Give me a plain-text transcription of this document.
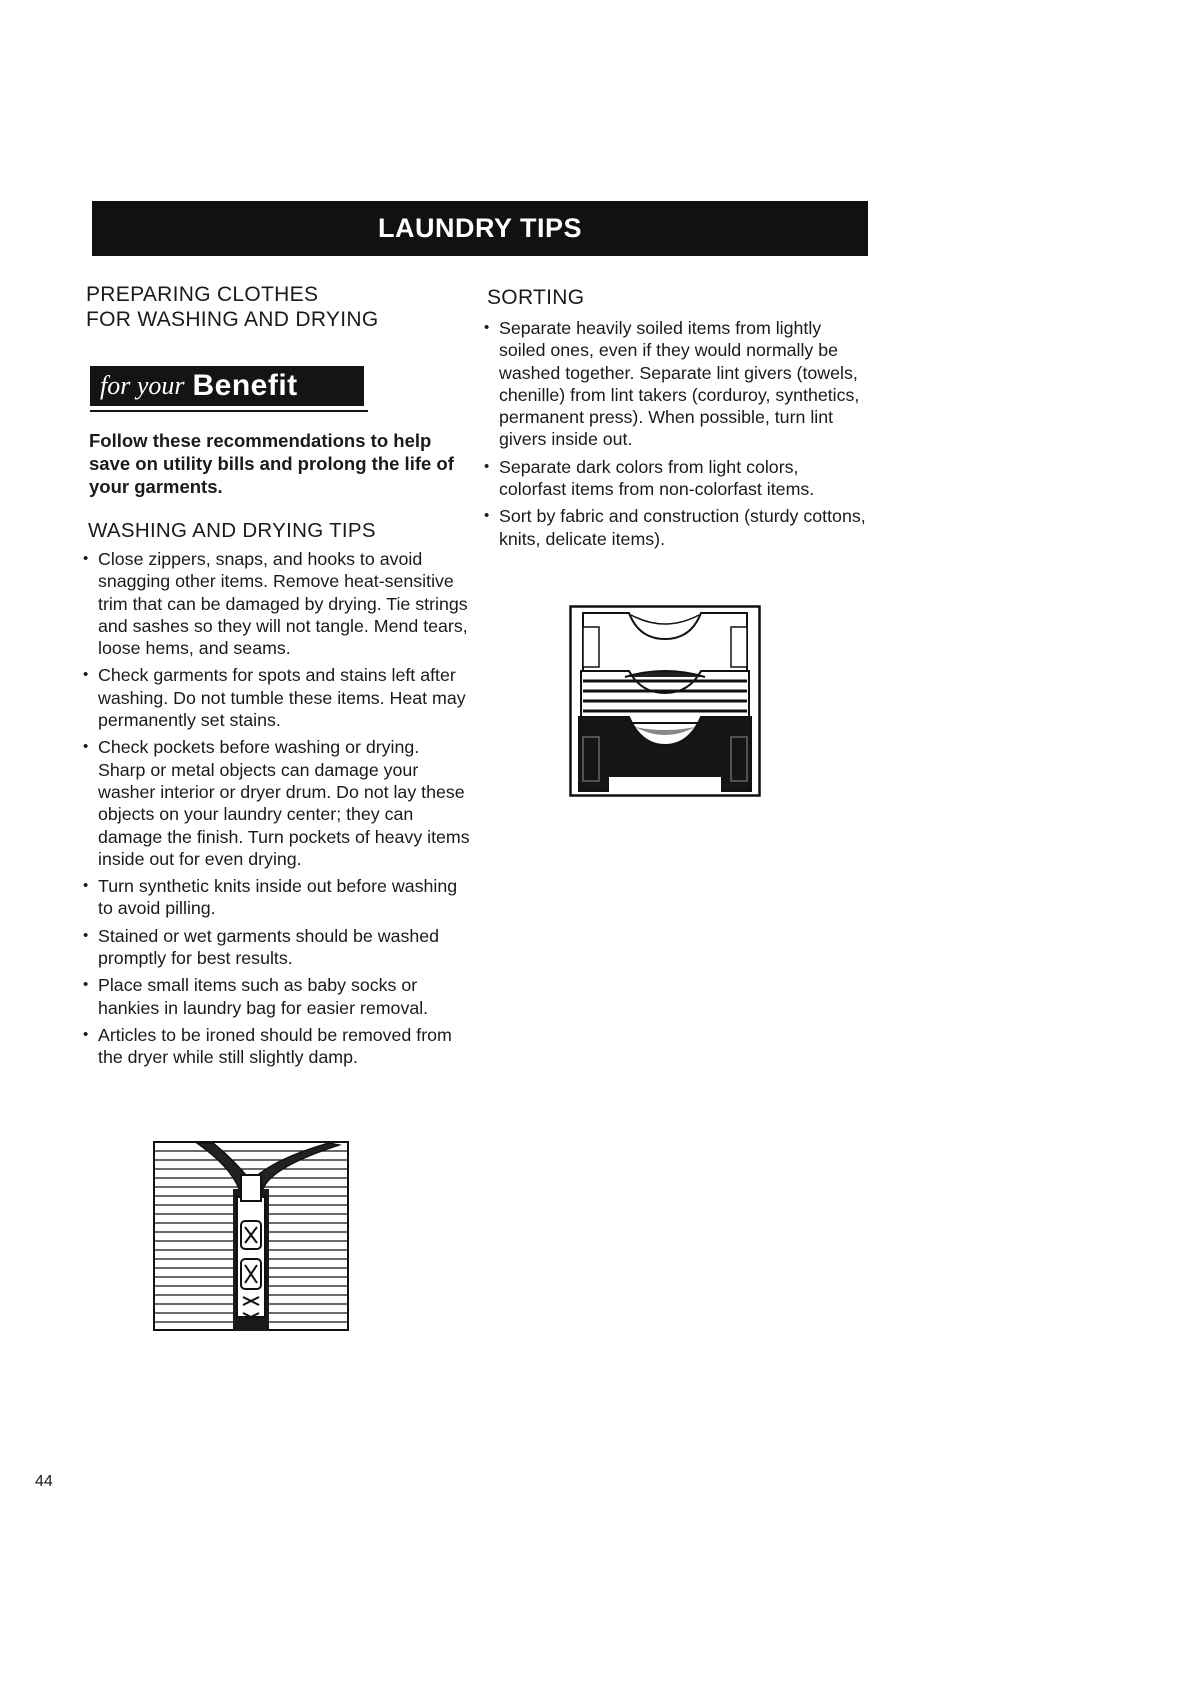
LAUNDRY TIPS
PREPARING CLOTHES
FOR WASHING AND DRYING
for your Benefit

Follow these recommendations to help save on utility bills and prolong the life of your garments.

WASHING AND DRYING TIPS
• Close zippers, snaps, and hooks to avoid snagging other items. Remove heat-sensitive trim that can be damaged by drying. Tie strings and sashes so they will not tangle. Mend tears, loose hems, and seams.
• Check garments for spots and stains left after washing. Do not tumble these items. Heat may permanently set stains.
• Check pockets before washing or drying. Sharp or metal objects can damage your washer interior or dryer drum. Do not lay these objects on your laundry center; they can damage the finish. Turn pockets of heavy items inside out for even drying.
• Turn synthetic knits inside out before washing to avoid pilling.
• Stained or wet garments should be washed promptly for best results.
• Place small items such as baby socks or hankies in laundry bag for easier removal.
• Articles to be ironed should be removed from the dryer while still slightly damp.
SORTING
• Separate heavily soiled items from lightly soiled ones, even if they would normally be washed together. Separate lint givers (towels, chenille) from lint takers (corduroy, synthetics, permanent press). When possible, turn lint givers inside out.
• Separate dark colors from light colors, colorfast items from non-colorfast items.
• Sort by fabric and construction (sturdy cottons, knits, delicate items).
44
